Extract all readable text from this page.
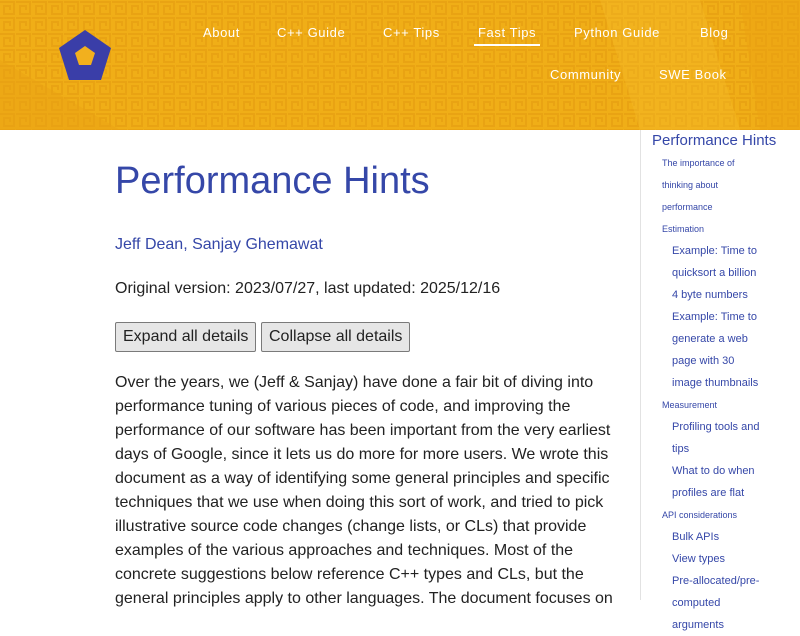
About	C++ Guide	C++ Tips	Fast Tips	Python Guide	Blog
Community	SWE Book
Performance Hints
Jeff Dean, Sanjay Ghemawat
Original version: 2023/07/27, last updated: 2025/12/16
Expand all details	Collapse all details

Over the years, we (Jeff & Sanjay) have done a fair bit of diving into performance tuning of various pieces of code, and improving the performance of our software has been important from the very earliest days of Google, since it lets us do more for more users. We wrote this document as a way of identifying some general principles and specific techniques that we use when doing this sort of work, and tried to pick illustrative source code changes (change lists, or CLs) that provide examples of the various approaches and techniques. Most of the concrete suggestions below reference C++ types and CLs, but the general principles apply to other languages. The document focuses on

Performance Hints
The importance of thinking about performance
Estimation
Example: Time to quicksort a billion 4 byte numbers
Example: Time to generate a web page with 30 image thumbnails
Measurement
Profiling tools and tips
What to do when profiles are flat
API considerations
Bulk APIs
View types
Pre-allocated/pre-computed arguments
